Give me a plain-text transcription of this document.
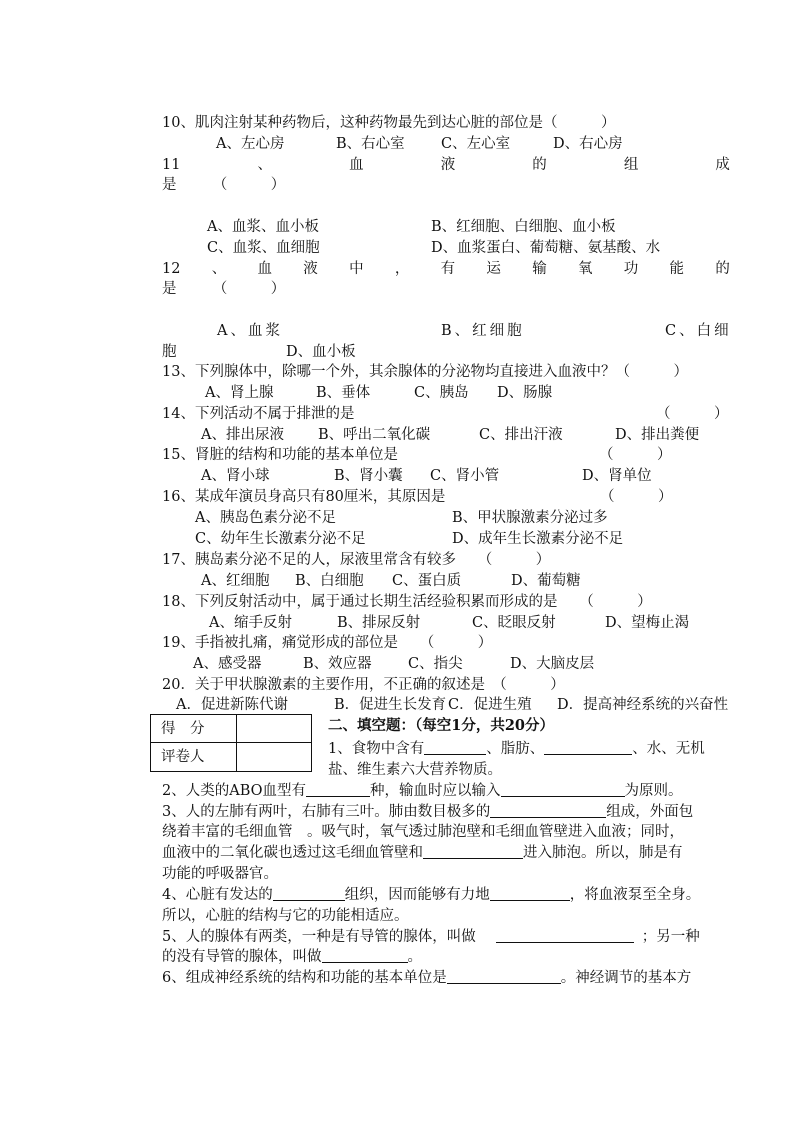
10、肌肉注射某种药物后，这种药物最先到达心脏的部位是（　　　）
A、左心房	B、右心室	C、左心室	D、右心房
11	、	血	液	的	组	成
是　　　（　　　）
A、血浆、血小板	B、红细胞、白细胞、血小板
C、血浆、血细胞	D、血浆蛋白、葡萄糖、氨基酸、水
12 、 血 液 中 ， 有 运 输 氧 功 能 的
是　　　（　　　）
A、血浆	B、红细胞	C、白细
胞	D、血小板
13、下列腺体中，除哪一个外，其余腺体的分泌物均直接进入血液中？（　　　）
A、肾上腺	B、垂体	C、胰岛 D、肠腺
14、下列活动不属于排泄的是	（　　　）
A、排出尿液 B、呼出二氧化碳	C、排出汗液	D、排出粪便
15、肾脏的结构和功能的基本单位是	（　　　）
A、肾小球	B、肾小囊 C、肾小管	D、肾单位
16、某成年演员身高只有80厘米，其原因是	（　　　）
A、胰岛色素分泌不足	B、甲状腺激素分泌过多
C、幼年生长激素分泌不足	D、成年生长激素分泌不足
17、胰岛素分泌不足的人，尿液里常含有较多　　（　　　）
A、红细胞 B、白细胞 C、蛋白质	D、葡萄糖
18、下列反射活动中，属于通过长期生活经验积累而形成的是　　（　　　）
A、缩手反射	B、排尿反射	C、眨眼反射	D、望梅止渴
19、手指被扎痛，痛觉形成的部位是　　（　　　）
A、感受器	B、效应器	C、指尖	D、大脑皮层
20．关于甲状腺激素的主要作用，不正确的叙述是　（　　　）
A．促进新陈代谢	B．促进生长发育 C．促进生殖 D．提高神经系统的兴奋性
得　分
评卷人
二、填空题：（每空1分，共20分）
1、食物中含有	、脂肪、	、水、无机
盐、维生素六大营养物质。
2、人类的ABO血型有	种，输血时应以输入	为原则。
3、人的左肺有两叶，右肺有三叶。肺由数目极多的	组成，外面包
绕着丰富的毛细血管　。吸气时，氧气透过肺泡壁和毛细血管壁进入血液；同时，
血液中的二氧化碳也透过这毛细血管壁和	进入肺泡。所以，肺是有
功能的呼吸器官。
4、心脏有发达的	组织，因而能够有力地	，将血液泵至全身。
所以，心脏的结构与它的功能相适应。
5、人的腺体有两类，一种是有导管的腺体，叫做	；另一种
的没有导管的腺体，叫做	。
6、组成神经系统的结构和功能的基本单位是	。神经调节的基本方
